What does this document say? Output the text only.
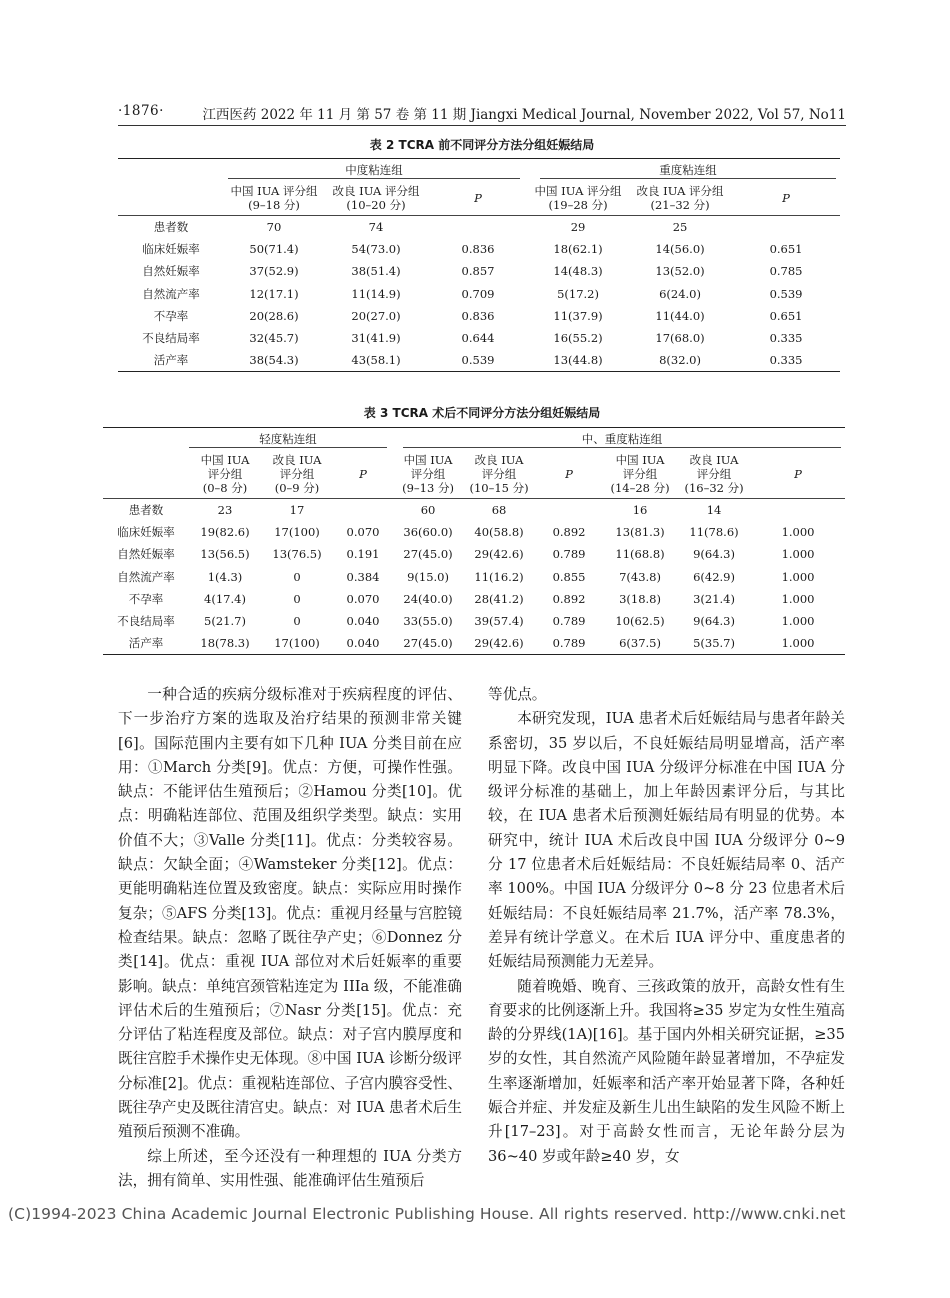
·1876·	江西医药 2022 年 11 月 第 57 卷 第 11 期 Jiangxi Medical Journal, November 2022, Vol 57, No11
表 2 TCRA 前不同评分方法分组妊娠结局

	中度粘连组			重度粘连组		

	中国 IUA 评分组
(9–18 分)	改良 IUA 评分组
(10–20 分)	P	中国 IUA 评分组
(19–28 分)	改良 IUA 评分组
(21–32 分)	P
患者数	70	74		29	25	
临床妊娠率	50(71.4)	54(73.0)	0.836	18(62.1)	14(56.0)	0.651
自然妊娠率	37(52.9)	38(51.4)	0.857	14(48.3)	13(52.0)	0.785
自然流产率	12(17.1)	11(14.9)	0.709	5(17.2)	6(24.0)	0.539
不孕率	20(28.6)	20(27.0)	0.836	11(37.9)	11(44.0)	0.651
不良结局率	32(45.7)	31(41.9)	0.644	16(55.2)	17(68.0)	0.335
活产率	38(54.3)	43(58.1)	0.539	13(44.8)	8(32.0)	0.335
表 3 TCRA 术后不同评分方法分组妊娠结局

	轻度粘连组			中、重度粘连组					

	中国 IUA
评分组
(0–8 分)	改良 IUA
评分组
(0–9 分)	P	中国 IUA
评分组
(9–13 分)	改良 IUA
评分组
(10–15 分)	P	中国 IUA
评分组
(14–28 分)	改良 IUA
评分组
(16–32 分)	P
患者数	23	17		60	68		16	14	
临床妊娠率	19(82.6)	17(100)	0.070	36(60.0)	40(58.8)	0.892	13(81.3)	11(78.6)	1.000
自然妊娠率	13(56.5)	13(76.5)	0.191	27(45.0)	29(42.6)	0.789	11(68.8)	9(64.3)	1.000
自然流产率	1(4.3)	0	0.384	9(15.0)	11(16.2)	0.855	7(43.8)	6(42.9)	1.000
不孕率	4(17.4)	0	0.070	24(40.0)	28(41.2)	0.892	3(18.8)	3(21.4)	1.000
不良结局率	5(21.7)	0	0.040	33(55.0)	39(57.4)	0.789	10(62.5)	9(64.3)	1.000
活产率	18(78.3)	17(100)	0.040	27(45.0)	29(42.6)	0.789	6(37.5)	5(35.7)	1.000

一种合适的疾病分级标准对于疾病程度的评估、下一步治疗方案的选取及治疗结果的预测非常关键[6]。国际范围内主要有如下几种 IUA 分类目前在应用：①March 分类[9]。优点：方便，可操作性强。缺点：不能评估生殖预后；②Hamou 分类[10]。优点：明确粘连部位、范围及组织学类型。缺点：实用价值不大；③Valle 分类[11]。优点：分类较容易。缺点：欠缺全面；④Wamsteker 分类[12]。优点：更能明确粘连位置及致密度。缺点：实际应用时操作复杂；⑤AFS 分类[13]。优点：重视月经量与宫腔镜检查结果。缺点：忽略了既往孕产史；⑥Donnez 分类[14]。优点：重视 IUA 部位对术后妊娠率的重要影响。缺点：单纯宫颈管粘连定为 IIIa 级，不能准确评估术后的生殖预后；⑦Nasr 分类[15]。优点：充分评估了粘连程度及部位。缺点：对子宫内膜厚度和既往宫腔手术操作史无体现。⑧中国 IUA 诊断分级评分标准[2]。优点：重视粘连部位、子宫内膜容受性、既往孕产史及既往清宫史。缺点：对 IUA 患者术后生殖预后预测不准确。

综上所述，至今还没有一种理想的 IUA 分类方法，拥有简单、实用性强、能准确评估生殖预后

等优点。

本研究发现，IUA 患者术后妊娠结局与患者年龄关系密切，35 岁以后，不良妊娠结局明显增高，活产率明显下降。改良中国 IUA 分级评分标准在中国 IUA 分级评分标准的基础上，加上年龄因素评分后，与其比较，在 IUA 患者术后预测妊娠结局有明显的优势。本研究中，统计 IUA 术后改良中国 IUA 分级评分 0~9 分 17 位患者术后妊娠结局：不良妊娠结局率 0、活产率 100%。中国 IUA 分级评分 0~8 分 23 位患者术后妊娠结局：不良妊娠结局率 21.7%，活产率 78.3%，差异有统计学意义。在术后 IUA 评分中、重度患者的妊娠结局预测能力无差异。

随着晚婚、晚育、三孩政策的放开，高龄女性有生育要求的比例逐渐上升。我国将≥35 岁定为女性生殖高龄的分界线(1A)[16]。基于国内外相关研究证据，≥35 岁的女性，其自然流产风险随年龄显著增加，不孕症发生率逐渐增加，妊娠率和活产率开始显著下降，各种妊娠合并症、并发症及新生儿出生缺陷的发生风险不断上升[17–23]。对于高龄女性而言，无论年龄分层为 36~40 岁或年龄≥40 岁，女

(C)1994-2023 China Academic Journal Electronic Publishing House. All rights reserved. http://www.cnki.net
